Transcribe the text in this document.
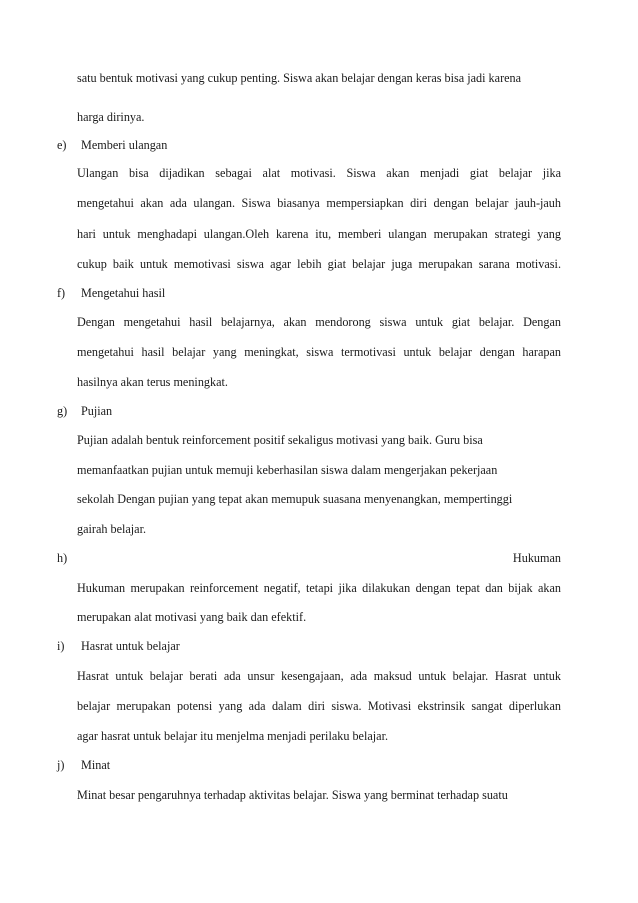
satu bentuk motivasi yang cukup penting. Siswa akan belajar dengan keras bisa jadi karena
harga dirinya.
e) Memberi ulangan
Ulangan bisa dijadikan sebagai alat motivasi. Siswa akan menjadi giat belajar jika
mengetahui akan ada ulangan. Siswa biasanya mempersiapkan diri dengan belajar jauh-jauh
hari untuk menghadapi ulangan.Oleh karena itu, memberi ulangan merupakan strategi yang
cukup baik untuk memotivasi siswa agar lebih giat belajar juga merupakan sarana motivasi.
f) Mengetahui hasil
Dengan mengetahui hasil belajarnya, akan mendorong siswa untuk giat belajar. Dengan
mengetahui hasil belajar yang meningkat, siswa termotivasi untuk belajar dengan harapan
hasilnya akan terus meningkat.
g) Pujian
Pujian adalah bentuk reinforcement positif sekaligus motivasi yang baik. Guru bisa
memanfaatkan pujian untuk memuji keberhasilan siswa dalam mengerjakan pekerjaan
sekolah Dengan pujian yang tepat akan memupuk suasana menyenangkan, mempertinggi
gairah belajar.
h)	Hukuman
Hukuman merupakan reinforcement negatif, tetapi jika dilakukan dengan tepat dan bijak akan
merupakan alat motivasi yang baik dan efektif.
i) Hasrat untuk belajar
Hasrat untuk belajar berati ada unsur kesengajaan, ada maksud untuk belajar. Hasrat untuk
belajar merupakan potensi yang ada dalam diri siswa. Motivasi ekstrinsik sangat diperlukan
agar hasrat untuk belajar itu menjelma menjadi perilaku belajar.
j) Minat
Minat besar pengaruhnya terhadap aktivitas belajar. Siswa yang berminat terhadap suatu
